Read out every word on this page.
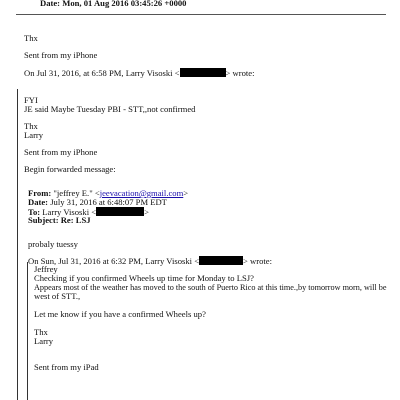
Date: Mon, 01 Aug 2016 03:45:26 +0000
Thx
Sent from my iPhone
On Jul 31, 2016, at 6:58 PM, Larry Visoski <	> wrote:
FYI
JE said Maybe Tuesday PBI - STT,,not confirmed
Thx
Larry
Sent from my iPhone
Begin forwarded message:
From: "jeffrey E." <jeevacation@gmail.com>
Date: July 31, 2016 at 6:48:07 PM EDT
To: Larry Visoski <	>
Subject: Re: LSJ
probaly tuessy
On Sun, Jul 31, 2016 at 6:32 PM, Larry Visoski <	> wrote:
Jeffrey
Checking if you confirmed Wheels up time for Monday to LSJ?
Appears most of the weather has moved to the south of Puerto Rico at this time.,by tomorrow morn, will be
west of STT.,
Let me know if you have a confirmed Wheels up?
Thx
Larry
Sent from my iPad
